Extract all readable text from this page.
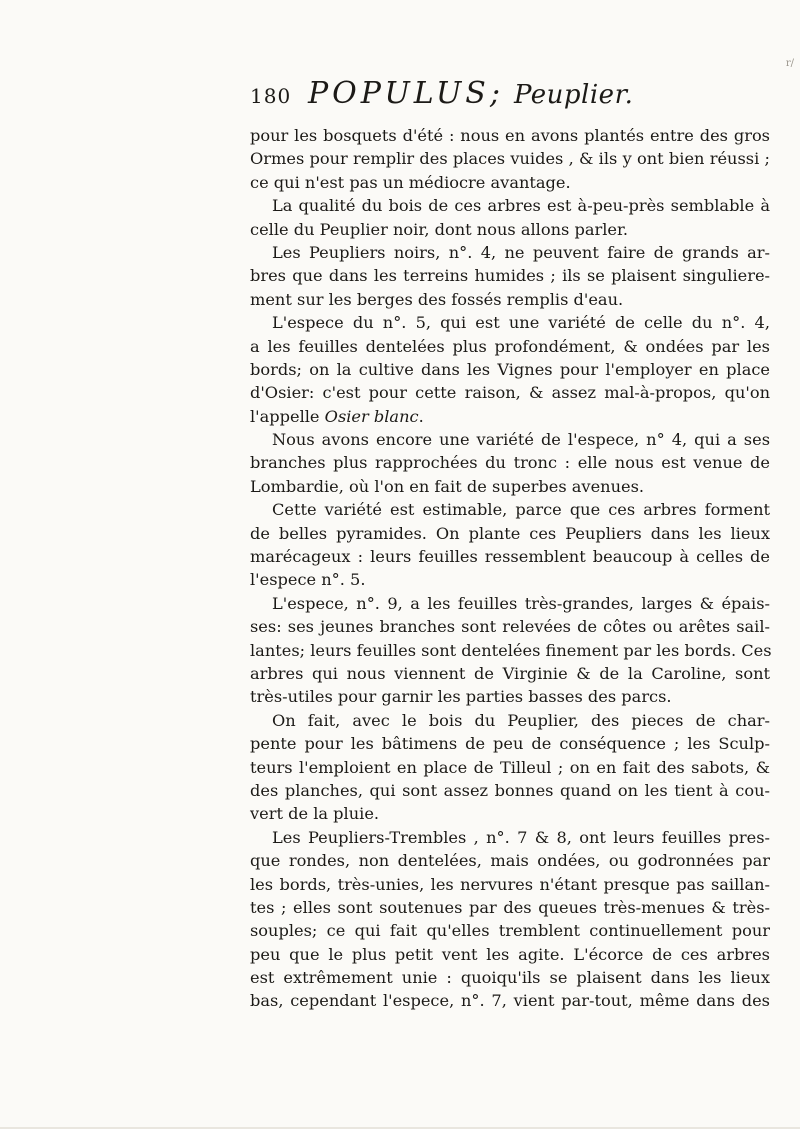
r/
180 POPULUS; Peuplier.
pour les bosquets d'été : nous en avons plantés entre des gros
Ormes pour remplir des places vuides , & ils y ont bien réussi ;
ce qui n'est pas un médiocre avantage.
La qualité du bois de ces arbres est à-peu-près semblable à
celle du Peuplier noir, dont nous allons parler.
Les Peupliers noirs, n°. 4, ne peuvent faire de grands ar-
bres que dans les terreins humides ; ils se plaisent singuliere-
ment sur les berges des fossés remplis d'eau.
L'espece du n°. 5, qui est une variété de celle du n°. 4,
a les feuilles dentelées plus profondément, & ondées par les
bords; on la cultive dans les Vignes pour l'employer en place
d'Osier: c'est pour cette raison, & assez mal-à-propos, qu'on
l'appelle Osier blanc.
Nous avons encore une variété de l'espece, n° 4, qui a ses
branches plus rapprochées du tronc : elle nous est venue de
Lombardie, où l'on en fait de superbes avenues.
Cette variété est estimable, parce que ces arbres forment
de belles pyramides. On plante ces Peupliers dans les lieux
marécageux : leurs feuilles ressemblent beaucoup à celles de
l'espece n°. 5.
L'espece, n°. 9, a les feuilles très-grandes, larges & épais-
ses: ses jeunes branches sont relevées de côtes ou arêtes sail-
lantes; leurs feuilles sont dentelées finement par les bords. Ces
arbres qui nous viennent de Virginie & de la Caroline, sont
très-utiles pour garnir les parties basses des parcs.
On fait, avec le bois du Peuplier, des pieces de char-
pente pour les bâtimens de peu de conséquence ; les Sculp-
teurs l'emploient en place de Tilleul ; on en fait des sabots, &
des planches, qui sont assez bonnes quand on les tient à cou-
vert de la pluie.
Les Peupliers-Trembles , n°. 7 & 8, ont leurs feuilles pres-
que rondes, non dentelées, mais ondées, ou godronnées par
les bords, très-unies, les nervures n'étant presque pas saillan-
tes ; elles sont soutenues par des queues très-menues & très-
souples; ce qui fait qu'elles tremblent continuellement pour
peu que le plus petit vent les agite. L'écorce de ces arbres
est extrêmement unie : quoiqu'ils se plaisent dans les lieux
bas, cependant l'espece, n°. 7, vient par-tout, même dans des
